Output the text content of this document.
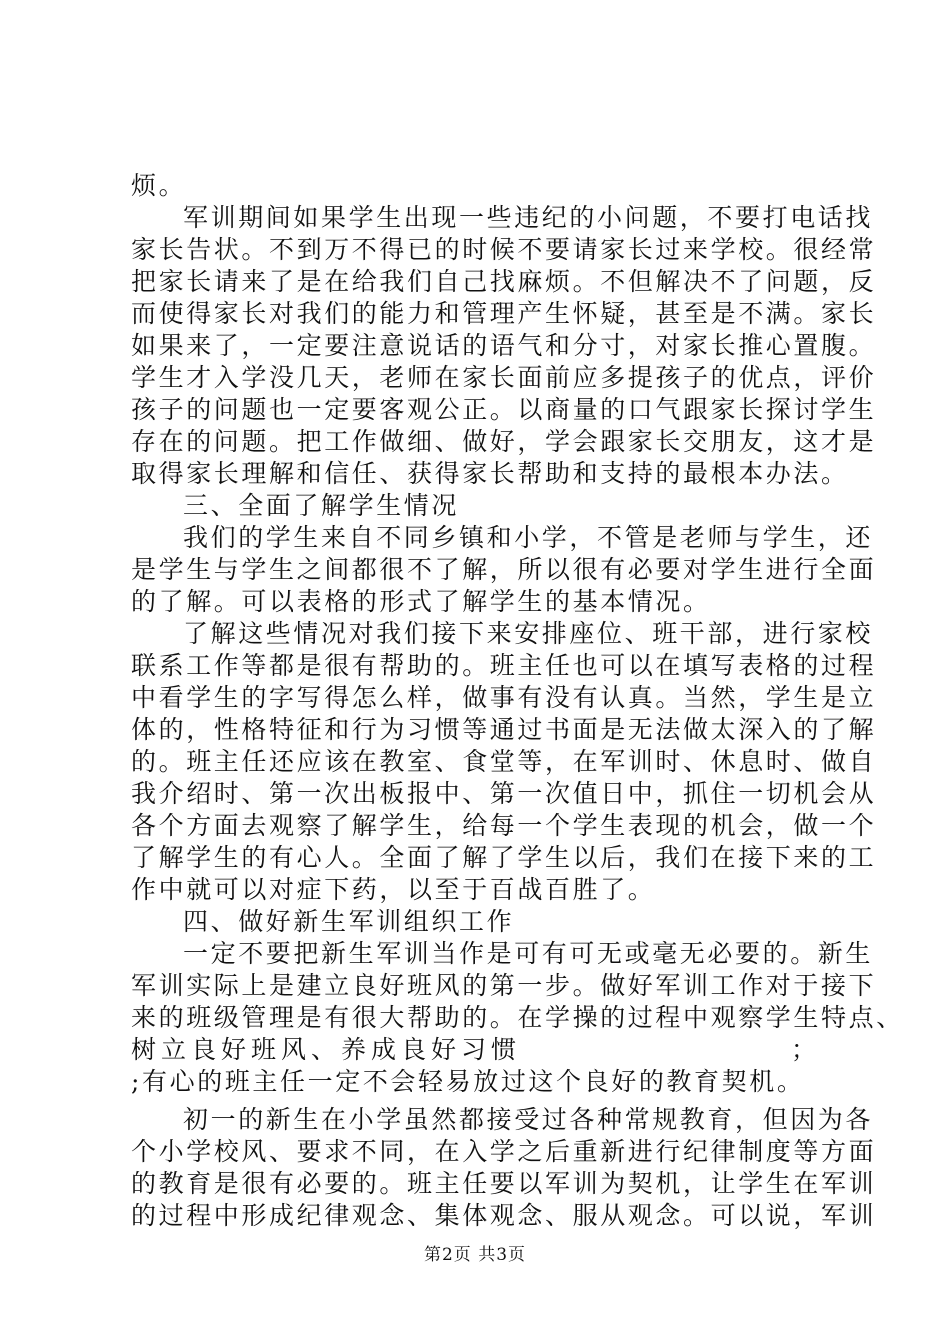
烦。
军训期间如果学生出现一些违纪的小问题，不要打电话找
家长告状。不到万不得已的时候不要请家长过来学校。很经常
把家长请来了是在给我们自己找麻烦。不但解决不了问题，反
而使得家长对我们的能力和管理产生怀疑，甚至是不满。家长
如果来了，一定要注意说话的语气和分寸，对家长推心置腹。
学生才入学没几天，老师在家长面前应多提孩子的优点，评价
孩子的问题也一定要客观公正。以商量的口气跟家长探讨学生
存在的问题。把工作做细、做好，学会跟家长交朋友，这才是
取得家长理解和信任、获得家长帮助和支持的最根本办法。
三、全面了解学生情况
我们的学生来自不同乡镇和小学，不管是老师与学生，还
是学生与学生之间都很不了解，所以很有必要对学生进行全面
的了解。可以表格的形式了解学生的基本情况。
了解这些情况对我们接下来安排座位、班干部，进行家校
联系工作等都是很有帮助的。班主任也可以在填写表格的过程
中看学生的字写得怎么样，做事有没有认真。当然，学生是立
体的，性格特征和行为习惯等通过书面是无法做太深入的了解
的。班主任还应该在教室、食堂等，在军训时、休息时、做自
我介绍时、第一次出板报中、第一次值日中，抓住一切机会从
各个方面去观察了解学生，给每一个学生表现的机会，做一个
了解学生的有心人。全面了解了学生以后，我们在接下来的工
作中就可以对症下药，以至于百战百胜了。
四、做好新生军训组织工作
一定不要把新生军训当作是可有可无或毫无必要的。新生
军训实际上是建立良好班风的第一步。做好军训工作对于接下
来的班级管理是有很大帮助的。在学操的过程中观察学生特点、
树立良好班风、养成良好习惯	；
;有心的班主任一定不会轻易放过这个良好的教育契机。
初一的新生在小学虽然都接受过各种常规教育，但因为各
个小学校风、要求不同，在入学之后重新进行纪律制度等方面
的教育是很有必要的。班主任要以军训为契机，让学生在军训
的过程中形成纪律观念、集体观念、服从观念。可以说，军训
第2页 共3页
